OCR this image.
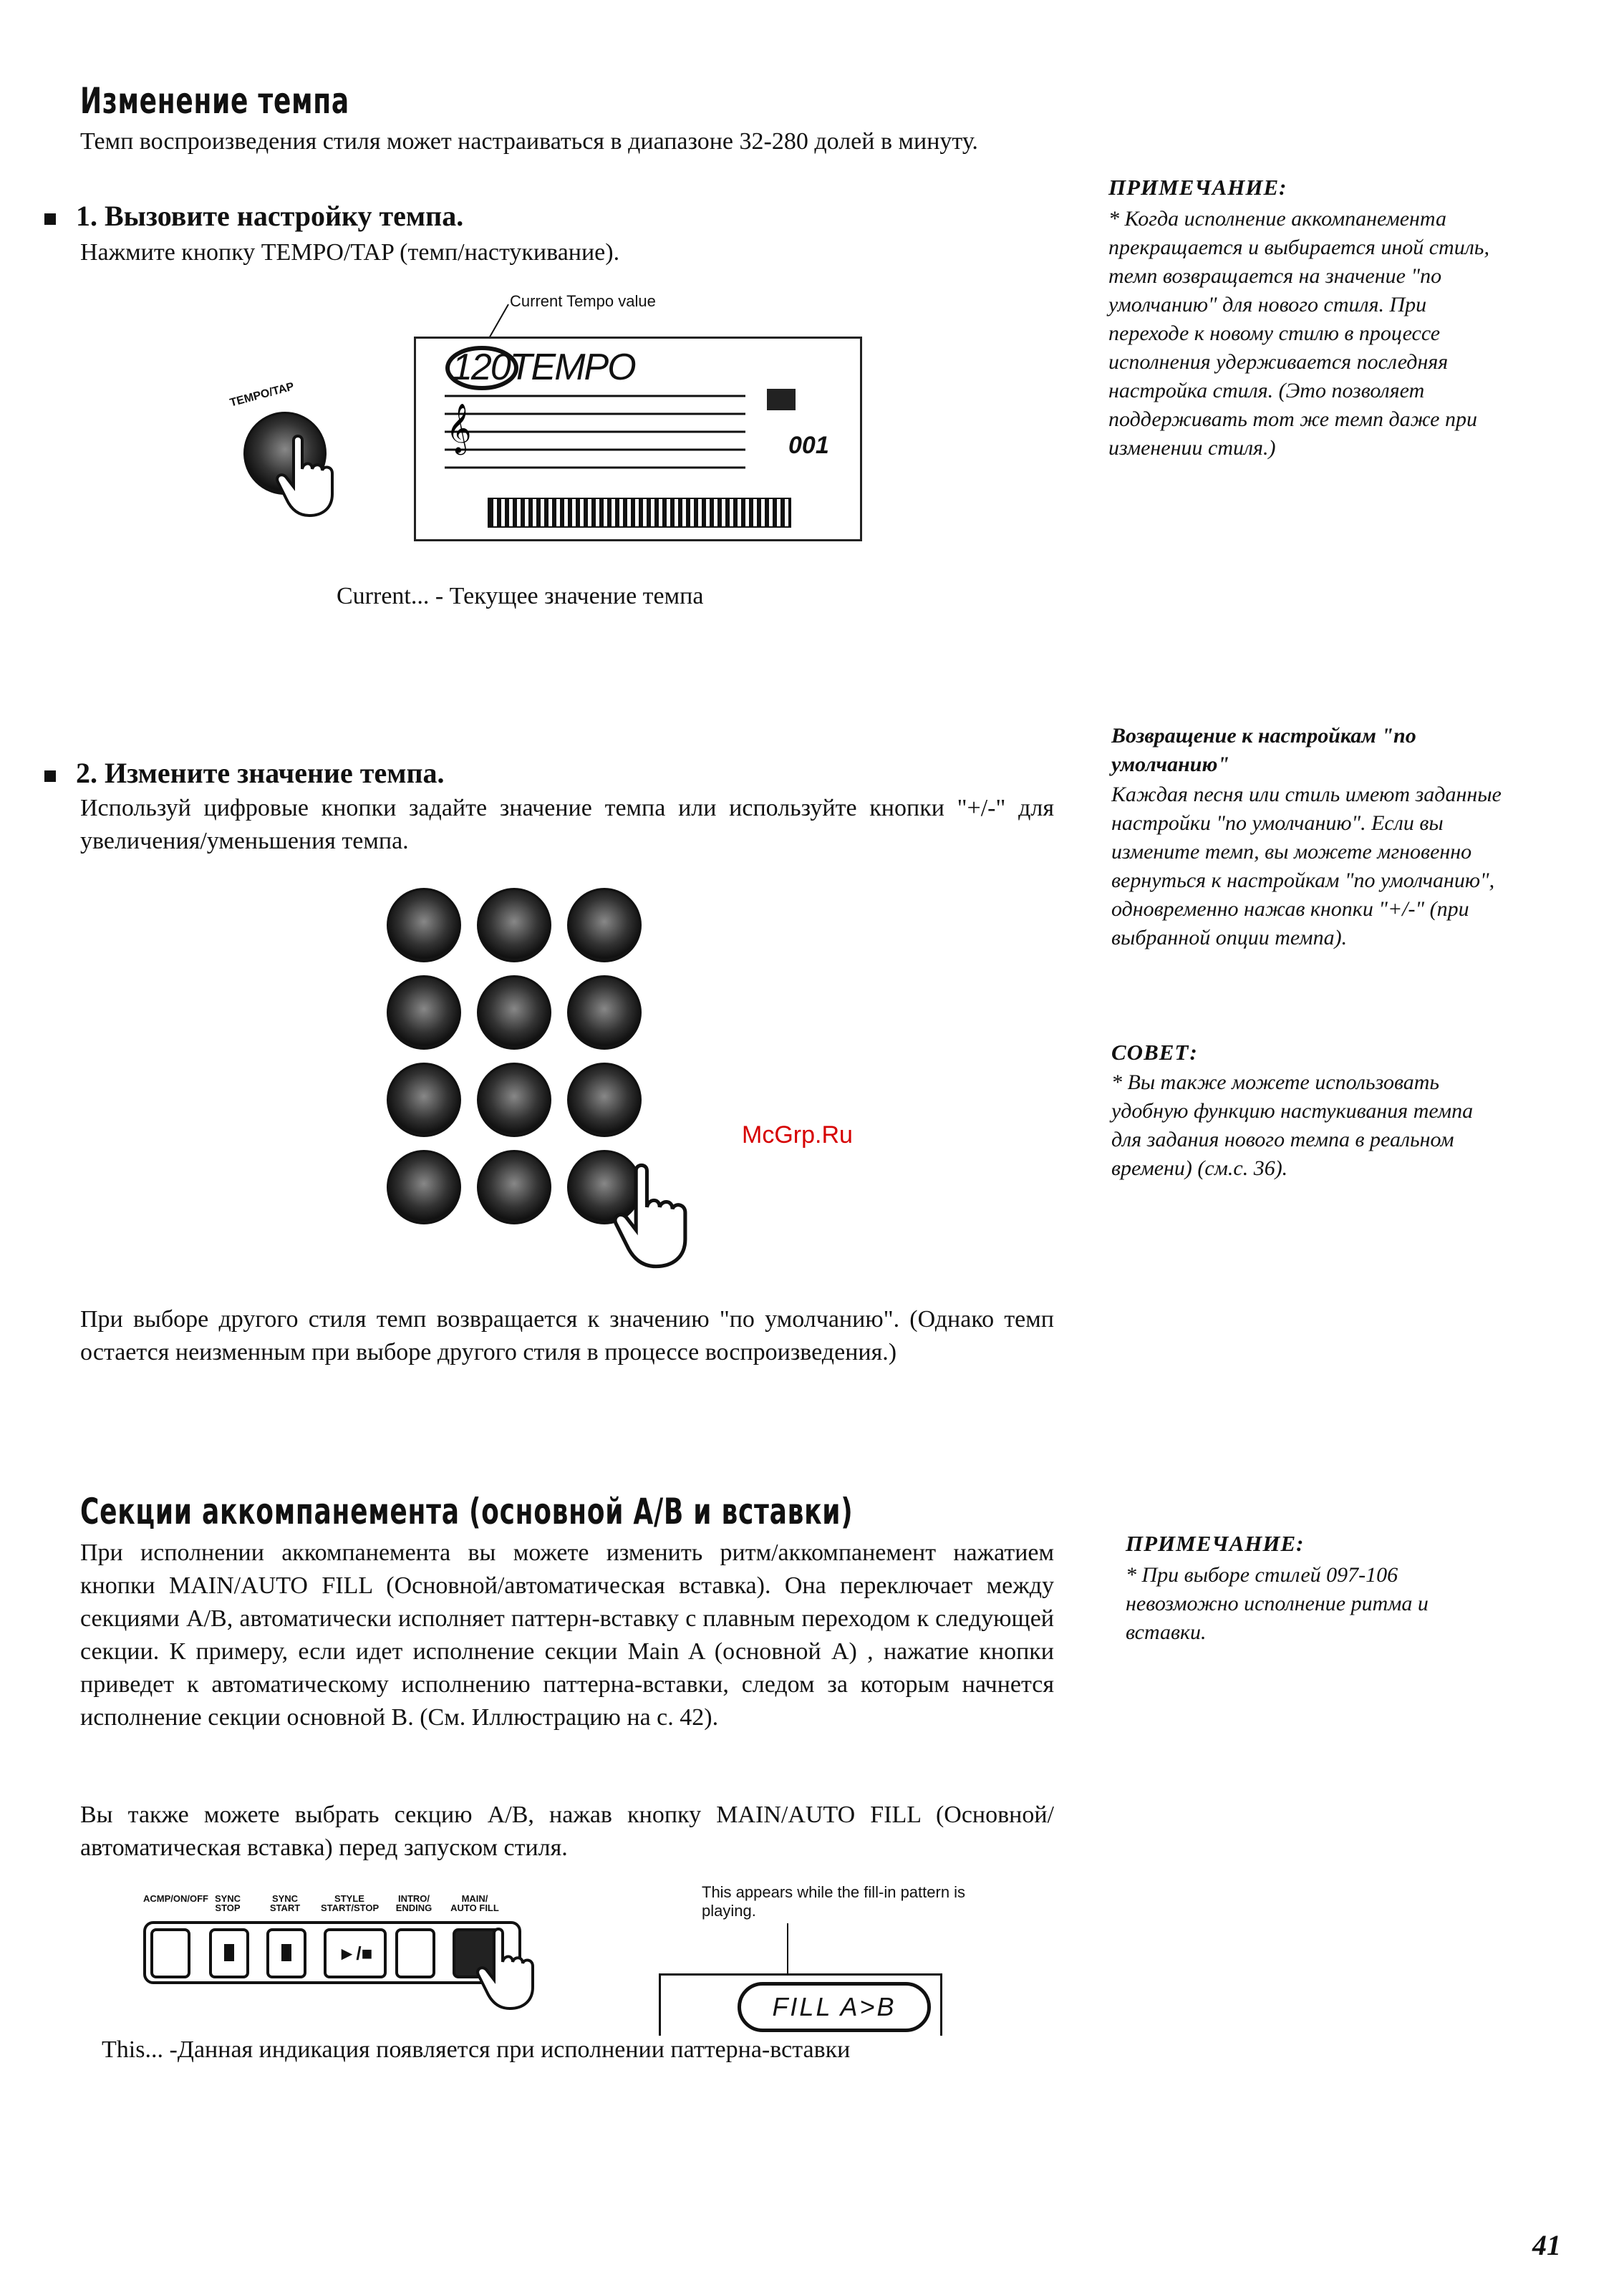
Изменение темпа
Темп воспроизведения стиля может настраиваться в диапазоне 32-280 долей в минуту.
1. Вызовите настройку темпа.
Нажмите кнопку TEMPO/TAP (темп/настукивание).
TEMPO/TAP
Current Tempo value
120TEMPO
𝄞	001
Current... - Текущее значение темпа
ПРИМЕЧАНИЕ:
* Когда исполнение аккомпанемента прекращается и выбирается иной стиль, темп возвращается на значение "по умолчанию" для нового стиля. При переходе к новому стилю в процессе исполнения удерживается последняя настройка стиля. (Это позволяет поддерживать тот же темп даже при изменении стиля.)
2. Измените значение темпа.
Используй цифровые кнопки задайте значение темпа или используйте кнопки "+/-" для увеличения/уменьшения темпа.
При выборе другого стиля темп возвращается к значению "по умолчанию". (Однако темп остается неизменным при выборе другого стиля в процессе воспроизведения.)
Возвращение к настройкам "по умолчанию"
Каждая песня или стиль имеют заданные настройки "по умолчанию". Если вы измените темп, вы можете мгновенно вернуться к настройкам "по умолчанию", одновременно нажав кнопки "+/-" (при выбранной опции темпа).
СОВЕТ:
* Вы также можете использовать удобную функцию настукивания темпа для задания нового темпа в реальном времени) (см.с. 36).
McGrp.Ru
Секции аккомпанемента (основной А/В и вставки)
При исполнении аккомпанемента вы можете изменить ритм/аккомпанемент нажатием кнопки MAIN/AUTO FILL (Основной/автоматическая вставка). Она переключает между секциями А/В, автоматически исполняет паттерн-вставку с плавным переходом к следующей секции. К примеру, если идет исполнение секции Main A (основной A) , нажатие кнопки приведет к автоматическому исполнению паттерна-вставки, следом за которым начнется исполнение секции основной В. (См. Иллюстрацию на с. 42).
Вы также можете выбрать секцию А/В, нажав кнопку MAIN/AUTO FILL (Основной/автоматическая вставка) перед запуском стиля.
ACMP/ON/OFF SYNC STOP
SYNC START
STYLE START/STOP
INTRO/ ENDING
MAIN/ AUTO FILL
►/■
This appears while the fill-in pattern is playing.
FILL A>B
This... -Данная индикация появляется при исполнении паттерна-вставки
ПРИМЕЧАНИЕ:
* При выборе стилей 097-106 невозможно исполнение ритма и вставки.
41
